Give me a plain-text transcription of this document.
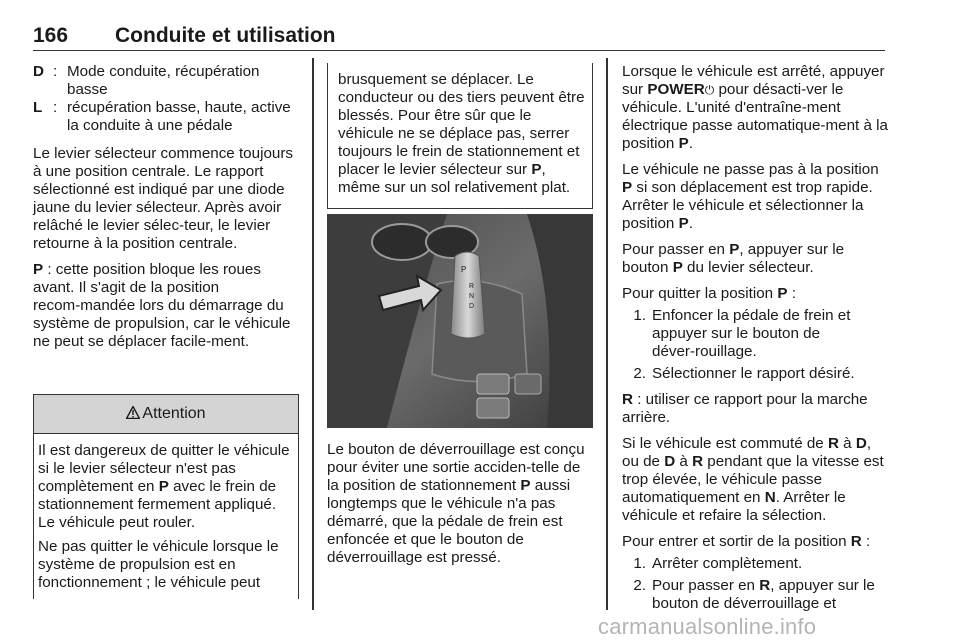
166 Conduite et utilisation
D : Mode conduite, récupération basse
L : récupération basse, haute, active la conduite à une pédale

Le levier sélecteur commence toujours à une position centrale. Le rapport sélectionné est indiqué par une diode jaune du levier sélecteur. Après avoir relâché le levier sélec‑teur, le levier retourne à la position centrale.

P : cette position bloque les roues avant. Il s'agit de la position recom‑mandée lors du démarrage du système de propulsion, car le véhicule ne peut se déplacer facile‑ment.

Attention

Il est dangereux de quitter le véhicule si le levier sélecteur n'est pas complètement en P avec le frein de stationnement fermement appliqué. Le véhicule peut rouler.

Ne pas quitter le véhicule lorsque le système de propulsion est en fonctionnement ; le véhicule peut

brusquement se déplacer. Le conducteur ou des tiers peuvent être blessés. Pour être sûr que le véhicule ne se déplace pas, serrer toujours le frein de stationnement et placer le levier sélecteur sur P, même sur un sol relativement plat.
P
R
N
D

Le bouton de déverrouillage est conçu pour éviter une sortie acciden‑telle de la position de stationnement P aussi longtemps que le véhicule n'a pas démarré, que la pédale de frein est enfoncée et que le bouton de déverrouillage est pressé.

Lorsque le véhicule est arrêté, appuyer sur POWER⏻ pour désacti‑ver le véhicule. L'unité d'entraîne‑ment électrique passe automatique‑ment à la position P.

Le véhicule ne passe pas à la position P si son déplacement est trop rapide. Arrêter le véhicule et sélectionner la position P.

Pour passer en P, appuyer sur le bouton P du levier sélecteur.

Pour quitter la position P :

1. Enfoncer la pédale de frein et appuyer sur le bouton de déver‑rouillage.
2. Sélectionner le rapport désiré.

R : utiliser ce rapport pour la marche arrière.

Si le véhicule est commuté de R à D, ou de D à R pendant que la vitesse est trop élevée, le véhicule passe automatiquement en N. Arrêter le véhicule et refaire la sélection.

Pour entrer et sortir de la position R :

1. Arrêter complètement.
2. Pour passer en R, appuyer sur le bouton de déverrouillage et
carmanualsonline.info
